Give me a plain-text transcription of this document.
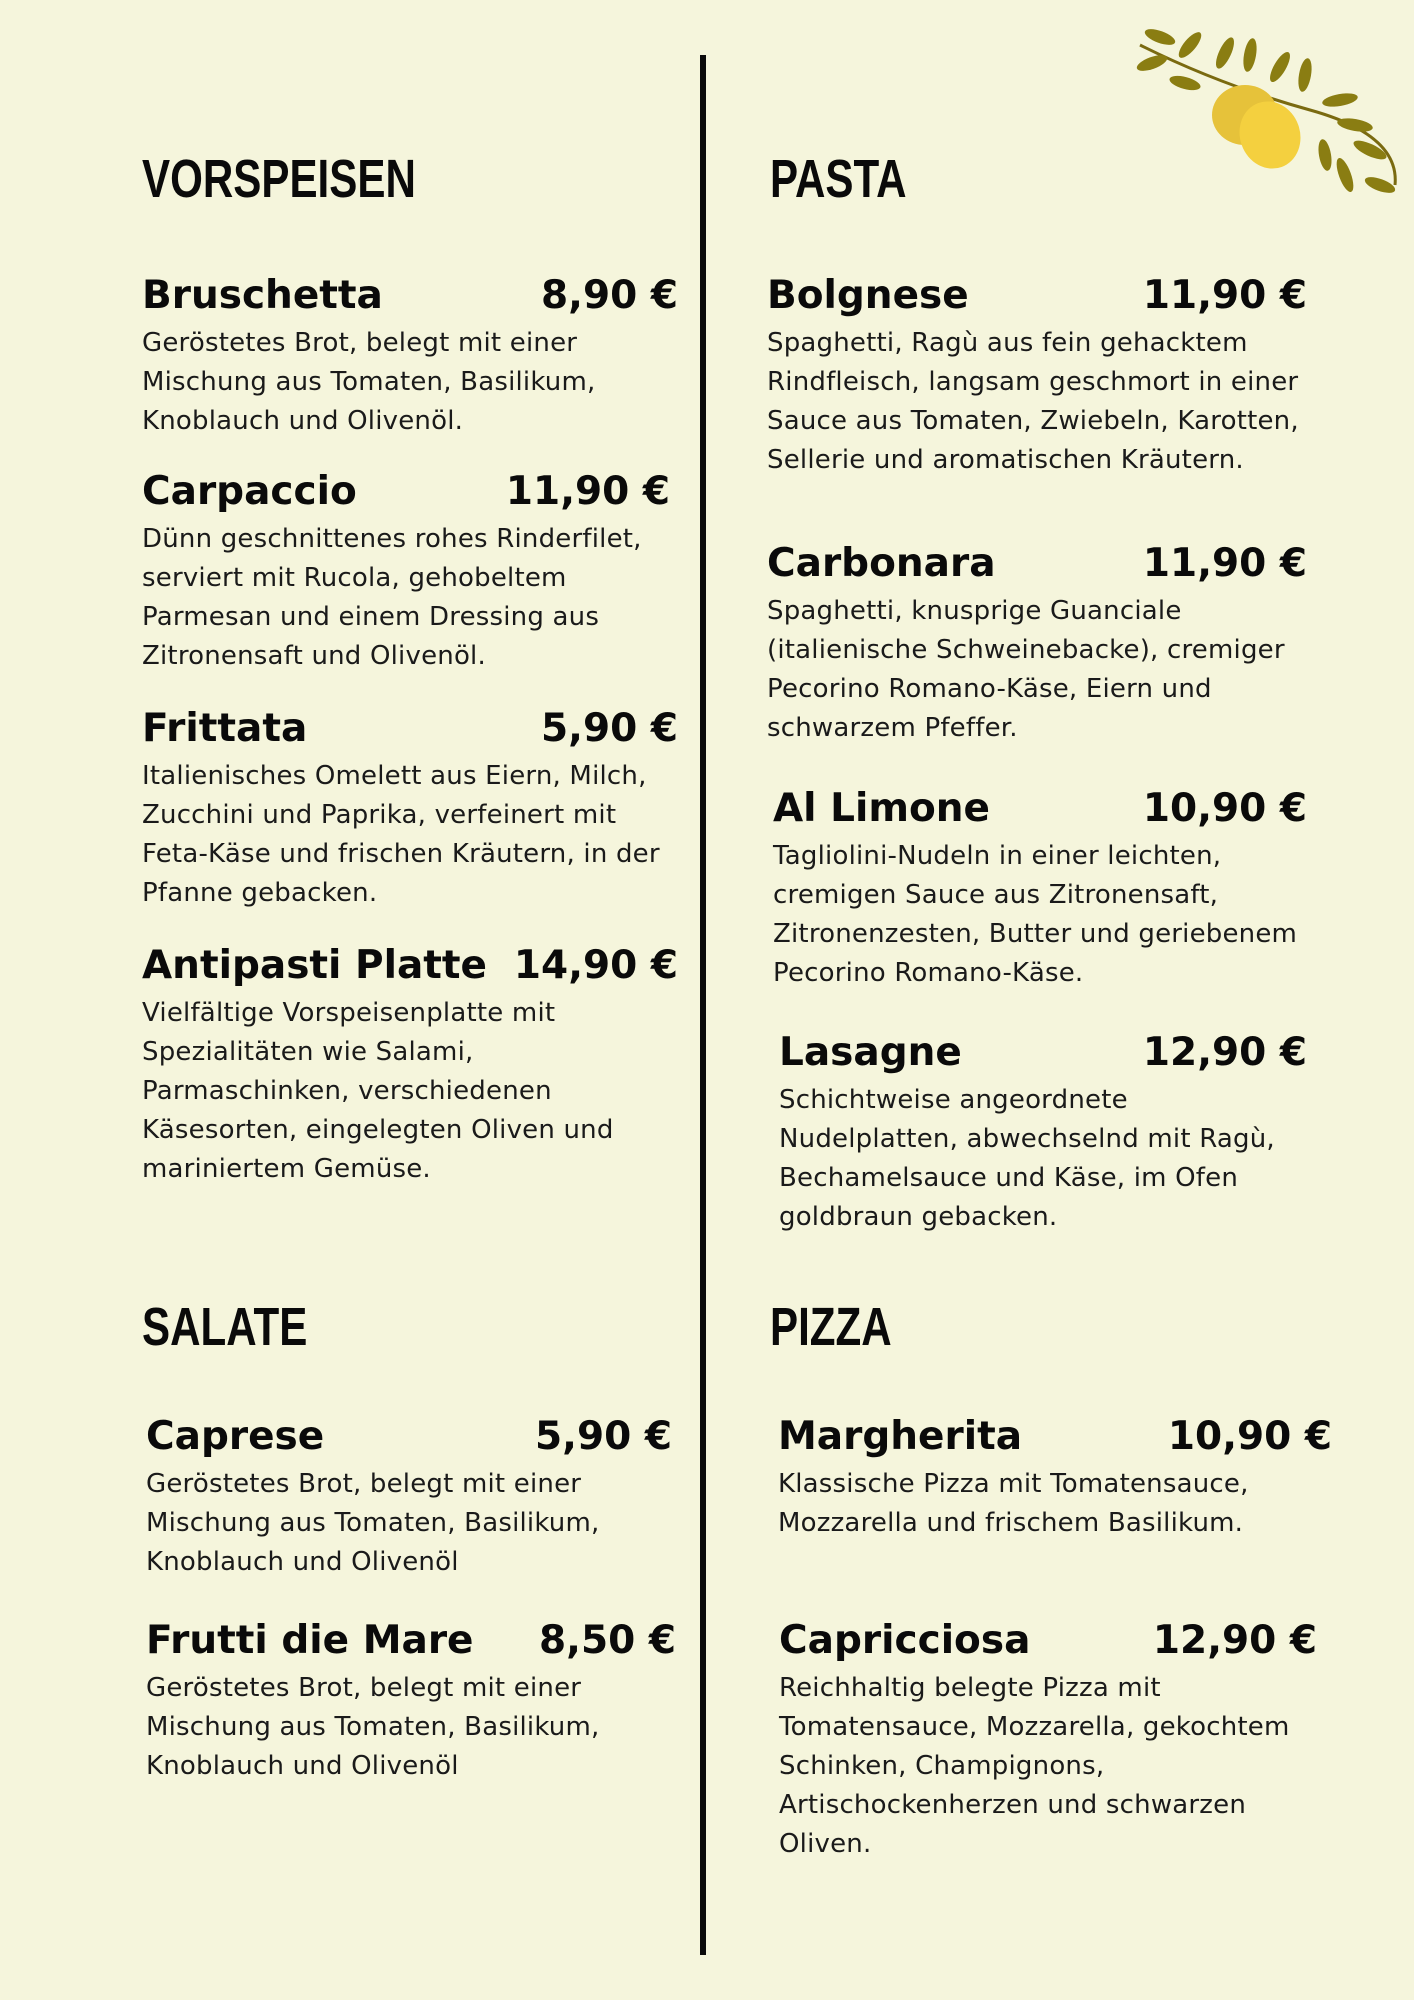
VORSPEISEN
Bruschetta	8,90 €
Geröstetes Brot, belegt mit einer Mischung aus Tomaten, Basilikum, Knoblauch und Olivenöl.
Carpaccio	11,90 €
Dünn geschnittenes rohes Rinderfilet, serviert mit Rucola, gehobeltem Parmesan und einem Dressing aus Zitronensaft und Olivenöl.
Frittata	5,90 €
Italienisches Omelett aus Eiern, Milch, Zucchini und Paprika, verfeinert mit Feta-Käse und frischen Kräutern, in der Pfanne gebacken.
Antipasti Platte 14,90 €
Vielfältige Vorspeisenplatte mit Spezialitäten wie Salami, Parmaschinken, verschiedenen Käsesorten, eingelegten Oliven und mariniertem Gemüse.
PASTA
Bolgnese	11,90 €
Spaghetti, Ragù aus fein gehacktem Rindfleisch, langsam geschmort in einer Sauce aus Tomaten, Zwiebeln, Karotten, Sellerie und aromatischen Kräutern.
Carbonara	11,90 €
Spaghetti, knusprige Guanciale (italienische Schweinebacke), cremiger Pecorino Romano-Käse, Eiern und schwarzem Pfeffer.
Al Limone	10,90 €
Tagliolini-Nudeln in einer leichten, cremigen Sauce aus Zitronensaft, Zitronenzesten, Butter und geriebenem Pecorino Romano-Käse.
Lasagne	12,90 €
Schichtweise angeordnete Nudelplatten, abwechselnd mit Ragù, Bechamelsauce und Käse, im Ofen goldbraun gebacken.
SALATE
Caprese	5,90 €
Geröstetes Brot, belegt mit einer Mischung aus Tomaten, Basilikum, Knoblauch und Olivenöl
Frutti die Mare 8,50 €
Geröstetes Brot, belegt mit einer Mischung aus Tomaten, Basilikum, Knoblauch und Olivenöl
PIZZA
Margherita	10,90 €
Klassische Pizza mit Tomatensauce, Mozzarella und frischem Basilikum.
Capricciosa	12,90 €
Reichhaltig belegte Pizza mit Tomatensauce, Mozzarella, gekochtem Schinken, Champignons, Artischockenherzen und schwarzen Oliven.
